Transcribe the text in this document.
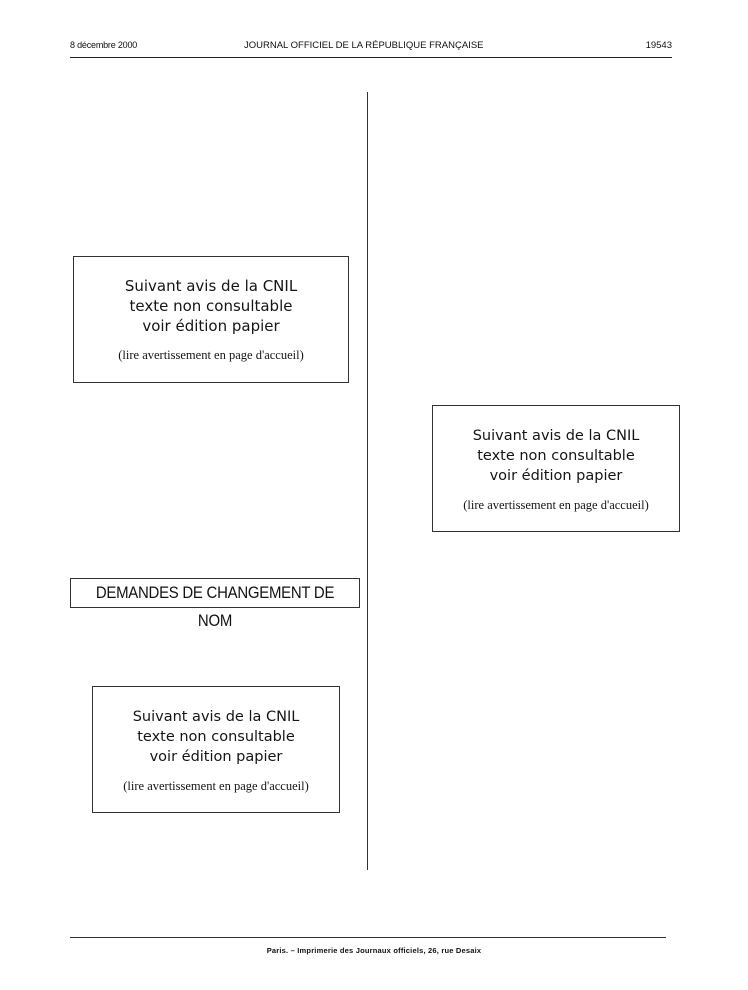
8 décembre 2000	JOURNAL OFFICIEL DE LA RÉPUBLIQUE FRANÇAISE	19543
Suivant avis de la CNIL
texte non consultable
voir édition papier
(lire avertissement en page d'accueil)
Suivant avis de la CNIL
texte non consultable
voir édition papier
(lire avertissement en page d'accueil)
DEMANDES DE CHANGEMENT DE NOM
Suivant avis de la CNIL
texte non consultable
voir édition papier
(lire avertissement en page d'accueil)
Paris. – Imprimerie des Journaux officiels, 26, rue Desaix
